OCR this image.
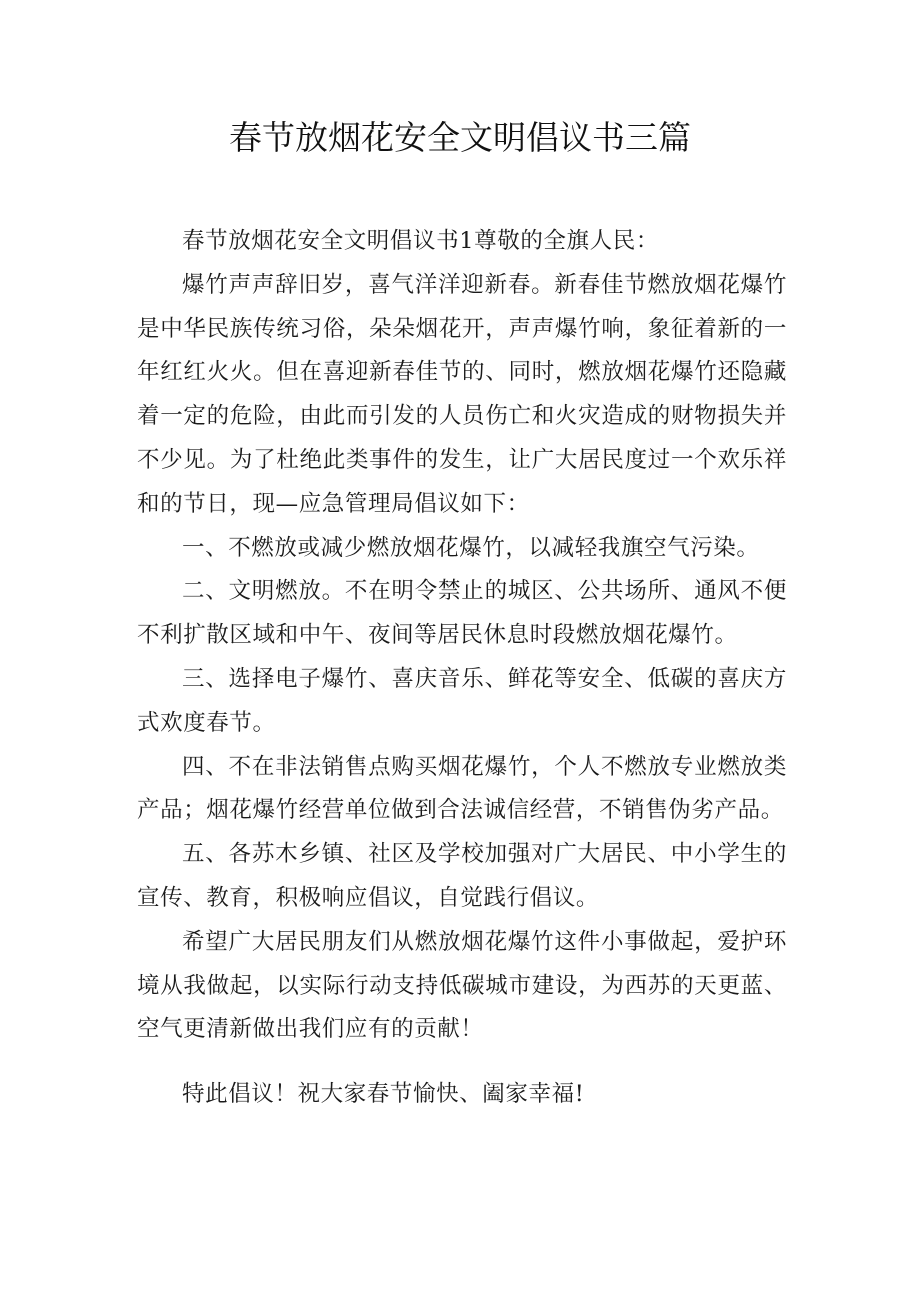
春节放烟花安全文明倡议书三篇

春节放烟花安全文明倡议书1尊敬的全旗人民：

爆竹声声辞旧岁，喜气洋洋迎新春。新春佳节燃放烟花爆竹是中华民族传统习俗，朵朵烟花开，声声爆竹响，象征着新的一年红红火火。但在喜迎新春佳节的、同时，燃放烟花爆竹还隐藏着一定的危险，由此而引发的人员伤亡和火灾造成的财物损失并不少见。为了杜绝此类事件的发生，让广大居民度过一个欢乐祥和的节日，现—应急管理局倡议如下：

一、不燃放或减少燃放烟花爆竹，以减轻我旗空气污染。

二、文明燃放。不在明令禁止的城区、公共场所、通风不便不利扩散区域和中午、夜间等居民休息时段燃放烟花爆竹。

三、选择电子爆竹、喜庆音乐、鲜花等安全、低碳的喜庆方式欢度春节。

四、不在非法销售点购买烟花爆竹，个人不燃放专业燃放类产品；烟花爆竹经营单位做到合法诚信经营，不销售伪劣产品。

五、各苏木乡镇、社区及学校加强对广大居民、中小学生的宣传、教育，积极响应倡议，自觉践行倡议。

希望广大居民朋友们从燃放烟花爆竹这件小事做起，爱护环境从我做起，以实际行动支持低碳城市建设，为西苏的天更蓝、空气更清新做出我们应有的贡献！

特此倡议！祝大家春节愉快、阖家幸福!
